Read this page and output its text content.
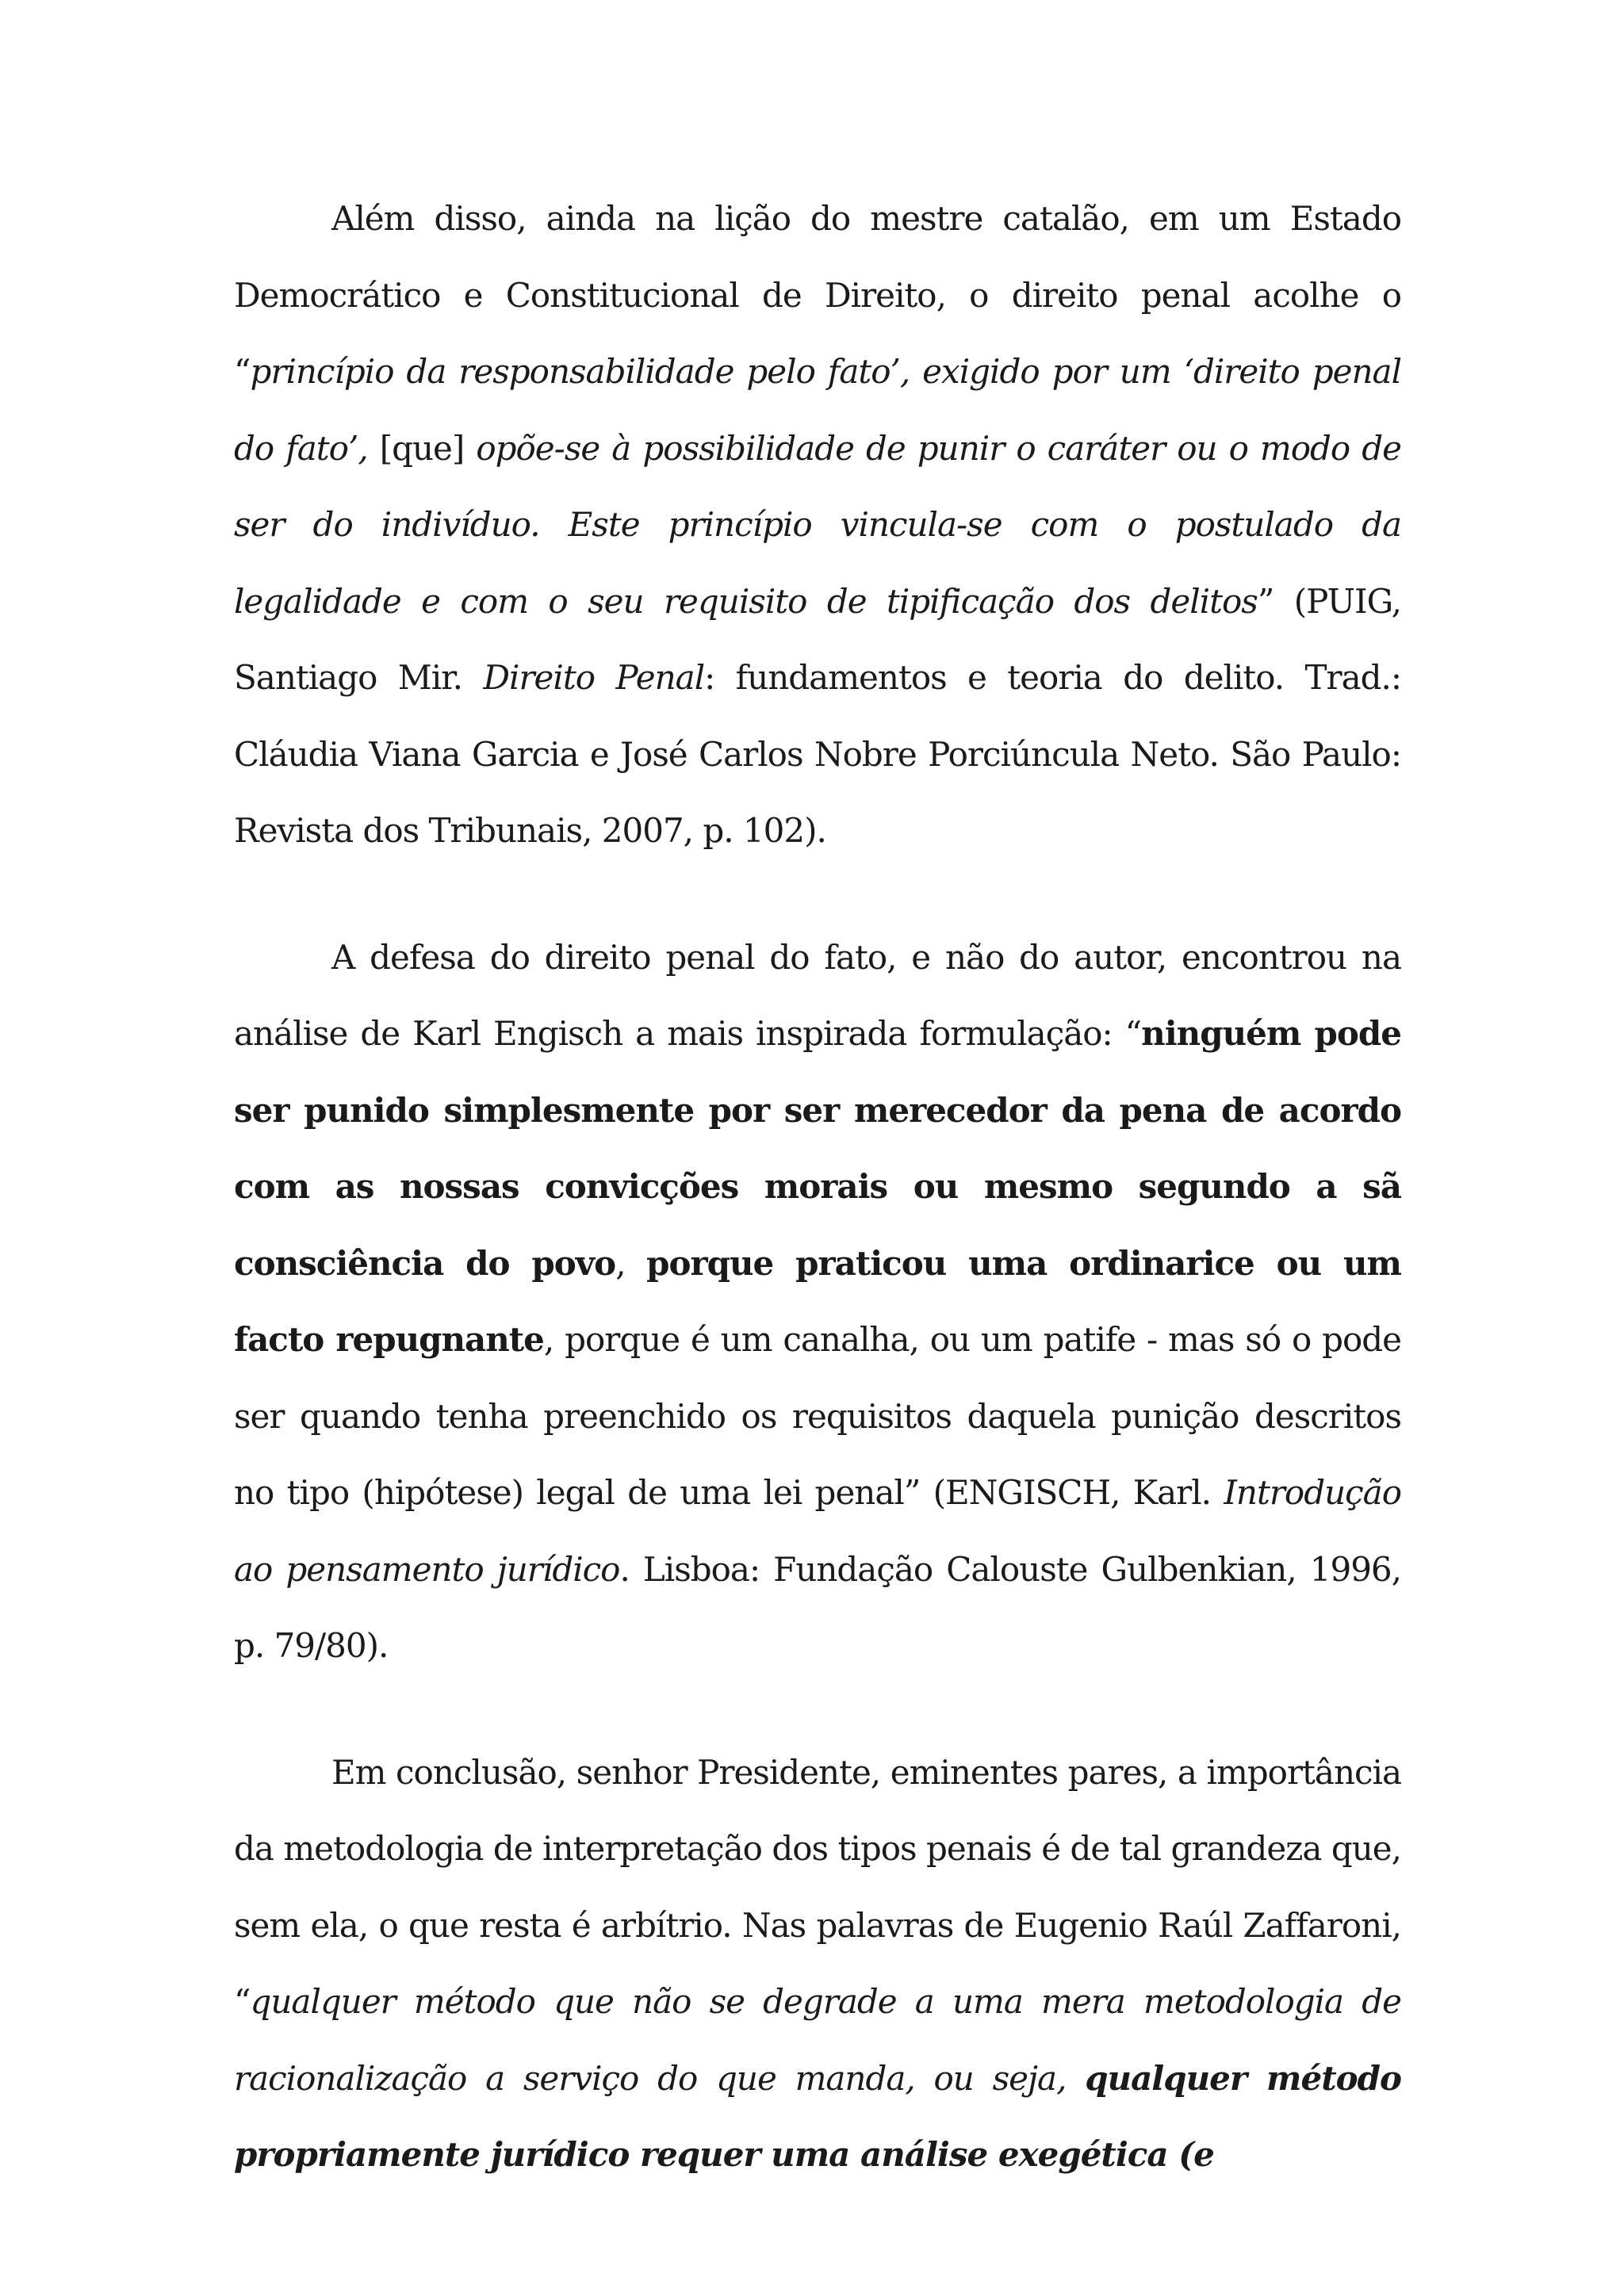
Além disso, ainda na lição do mestre catalão, em um Estado Democrático e Constitucional de Direito, o direito penal acolhe o “princípio da responsabilidade pelo fato’, exigido por um ‘direito penal do fato’, [que] opõe-se à possibilidade de punir o caráter ou o modo de ser do indivíduo. Este princípio vincula-se com o postulado da legalidade e com o seu requisito de tipificação dos delitos” (PUIG, Santiago Mir. Direito Penal: fundamentos e teoria do delito. Trad.: Cláudia Viana Garcia e José Carlos Nobre Porciúncula Neto. São Paulo: Revista dos Tribunais, 2007, p. 102).

A defesa do direito penal do fato, e não do autor, encontrou na análise de Karl Engisch a mais inspirada formulação: “ninguém pode ser punido simplesmente por ser merecedor da pena de acordo com as nossas convicções morais ou mesmo segundo a sã consciência do povo, porque praticou uma ordinarice ou um facto repugnante, porque é um canalha, ou um patife - mas só o pode ser quando tenha preenchido os requisitos daquela punição descritos no tipo (hipótese) legal de uma lei penal” (ENGISCH, Karl. Introdução ao pensamento jurídico. Lisboa: Fundação Calouste Gulbenkian, 1996, p. 79/80).

Em conclusão, senhor Presidente, eminentes pares, a importância da metodologia de interpretação dos tipos penais é de tal grandeza que, sem ela, o que resta é arbítrio. Nas palavras de Eugenio Raúl Zaffaroni, “qualquer método que não se degrade a uma mera metodologia de racionalização a serviço do que manda, ou seja, qualquer método propriamente jurídico requer uma análise exegética (e
